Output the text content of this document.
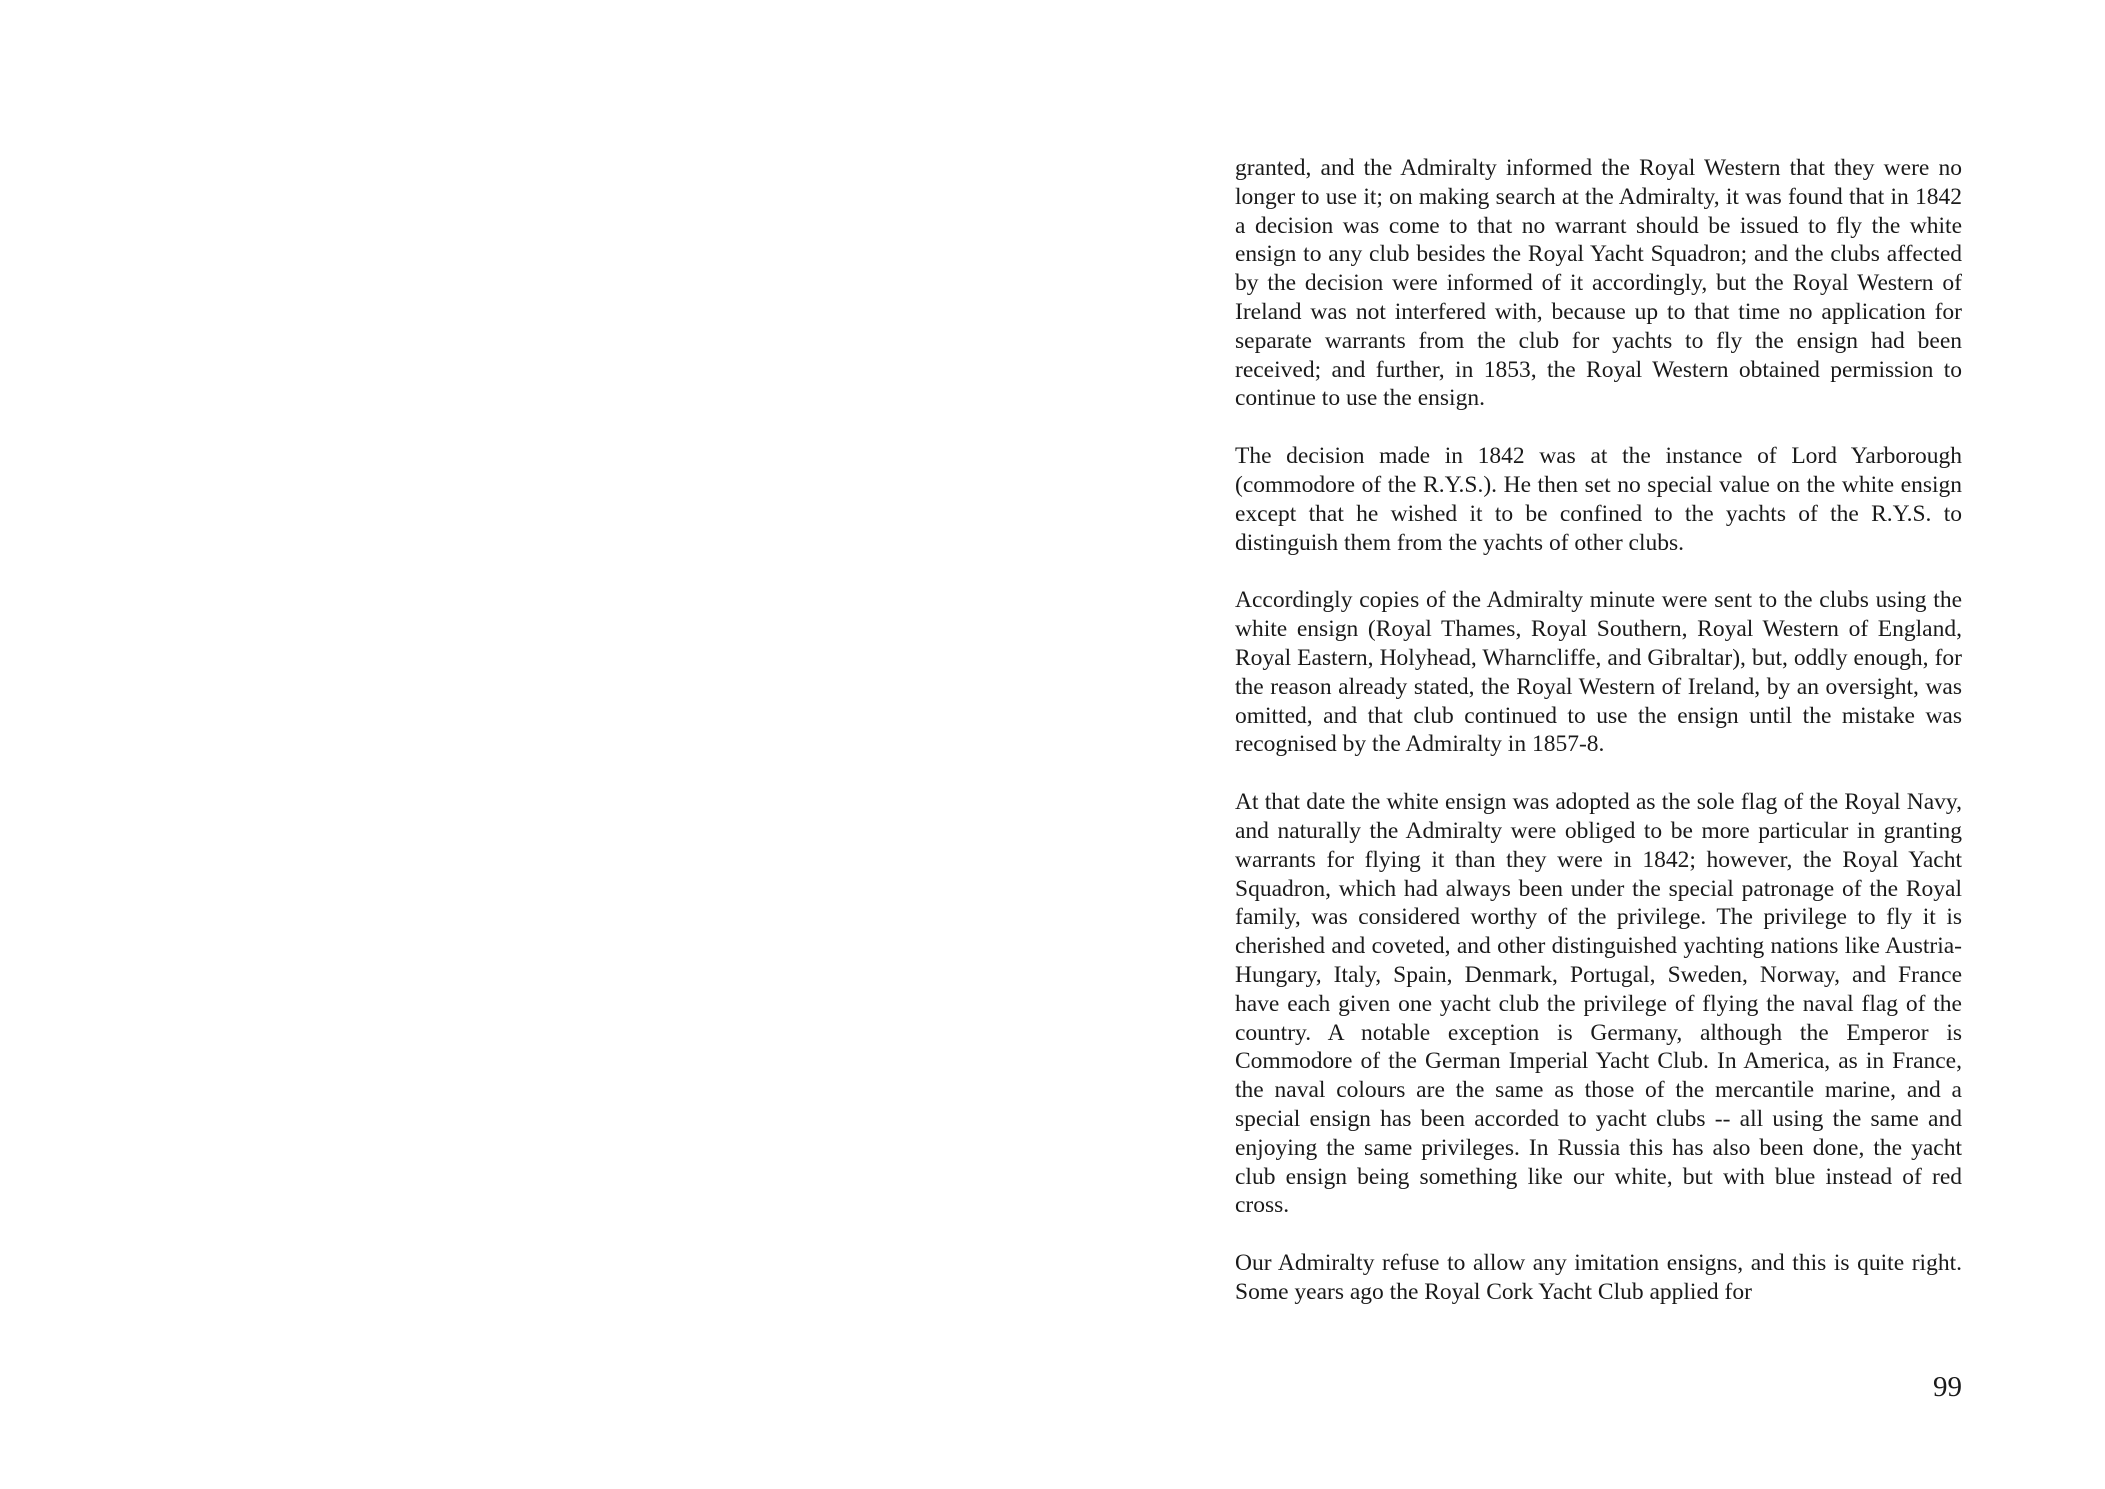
granted, and the Admiralty informed the Royal Western that they were no longer to use it; on making search at the Admiralty, it was found that in 1842 a decision was come to that no warrant should be issued to fly the white ensign to any club besides the Royal Yacht Squadron; and the clubs affected by the decision were informed of it accordingly, but the Royal Western of Ireland was not interfered with, because up to that time no application for separate warrants from the club for yachts to fly the ensign had been received; and further, in 1853, the Royal Western obtained permission to continue to use the ensign.

The decision made in 1842 was at the instance of Lord Yarborough (commodore of the R.Y.S.). He then set no special value on the white ensign except that he wished it to be confined to the yachts of the R.Y.S. to distinguish them from the yachts of other clubs.

Accordingly copies of the Admiralty minute were sent to the clubs using the white ensign (Royal Thames, Royal Southern, Royal Western of England, Royal Eastern, Holyhead, Wharncliffe, and Gibraltar), but, oddly enough, for the reason already stated, the Royal Western of Ireland, by an oversight, was omitted, and that club continued to use the ensign until the mistake was recognised by the Admiralty in 1857-8.

At that date the white ensign was adopted as the sole flag of the Royal Navy, and naturally the Admiralty were obliged to be more particular in granting warrants for flying it than they were in 1842; however, the Royal Yacht Squadron, which had always been under the special patronage of the Royal family, was considered worthy of the privilege. The privilege to fly it is cherished and coveted, and other distinguished yachting nations like Austria-Hungary, Italy, Spain, Denmark, Portugal, Sweden, Norway, and France have each given one yacht club the privilege of flying the naval flag of the country. A notable exception is Germany, although the Emperor is Commodore of the German Imperial Yacht Club. In America, as in France, the naval colours are the same as those of the mercantile marine, and a special ensign has been accorded to yacht clubs -- all using the same and enjoying the same privileges. In Russia this has also been done, the yacht club ensign being something like our white, but with blue instead of red cross.

Our Admiralty refuse to allow any imitation ensigns, and this is quite right. Some years ago the Royal Cork Yacht Club applied for

99
